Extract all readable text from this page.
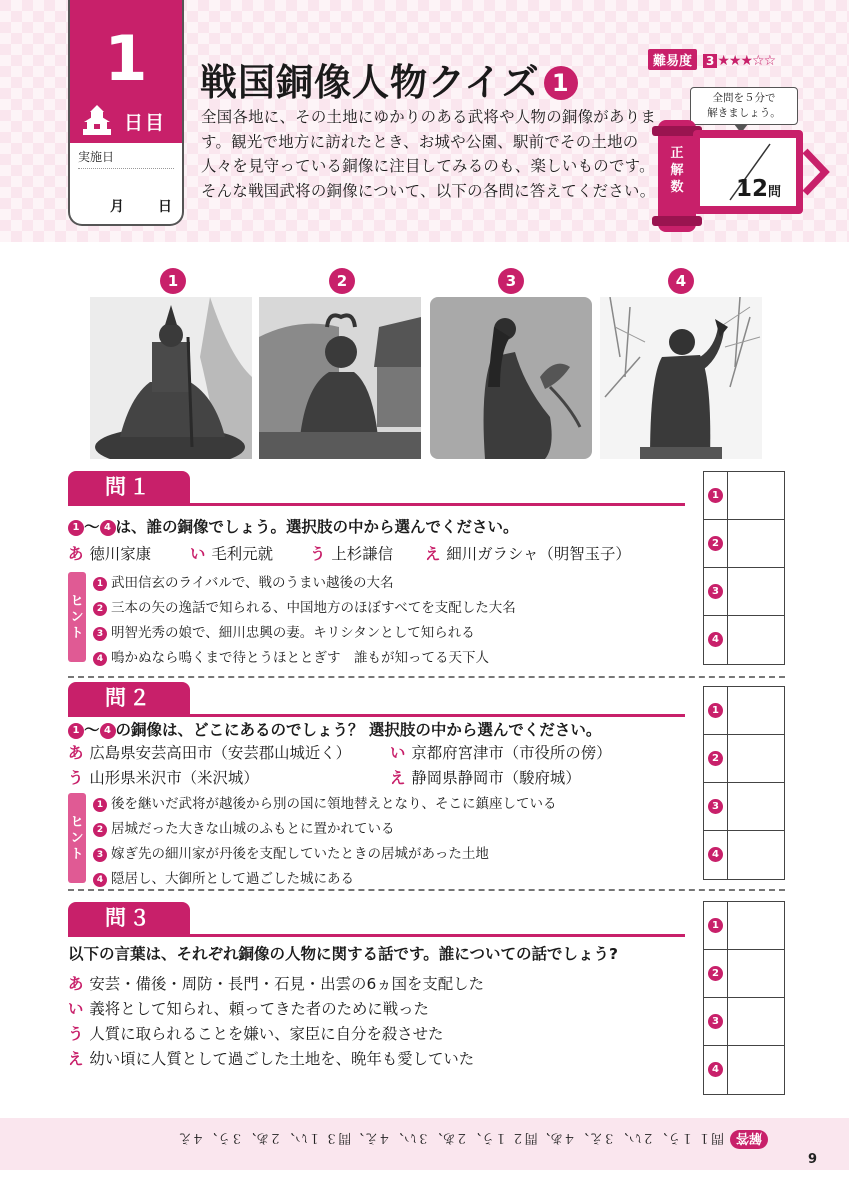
1
日目
実施日
月 日
戦国銅像人物クイズ 1
難易度 3 ★★★☆☆
全国各地に、その土地にゆかりのある武将や人物の銅像があります。観光で地方に訪れたとき、お城や公園、駅前でその土地の人々を見守っている銅像に注目してみるのも、楽しいものです。そんな戦国武将の銅像について、以下の各問に答えてください。
全問を５分で
解きましょう。
正解数 12問
1	2	3	4
問１
1 ～ 4 は、誰の銅像でしょう。選択肢の中から選んでください。
あ 徳川家康	い 毛利元就 う 上杉謙信 え 細川ガラシャ（明智玉子）
ヒ
ン
ト
1 武田信玄のライバルで、戦のうまい越後の大名
2 三本の矢の逸話で知られる、中国地方のほぼすべてを支配した大名
3 明智光秀の娘で、細川忠興の妻。キリシタンとして知られる
4 鳴かぬなら鳴くまで待とうほととぎす　誰もが知ってる天下人
1
2
3
4
問２
1 ～ 4 の銅像は、どこにあるのでしょう？ 選択肢の中から選んでください。
あ 広島県安芸高田市（安芸郡山城近く）	い 京都府宮津市（市役所の傍）
う 山形県米沢市（米沢城）	え 静岡県静岡市（駿府城）
ヒ
ン
ト
1 後を継いだ武将が越後から別の国に領地替えとなり、そこに鎮座している
2 居城だった大きな山城のふもとに置かれている
3 嫁ぎ先の細川家が丹後を支配していたときの居城があった土地
4 隠居し、大御所として過ごした城にある
1
2
3
4
問３
以下の言葉は、それぞれ銅像の人物に関する話です。誰についての話でしょう?
あ 安芸・備後・周防・長門・石見・出雲の6ヵ国を支配した
い 義将として知られ、頼ってきた者のために戦った
う 人質に取られることを嫌い、家臣に自分を殺させた
え 幼い頃に人質として過ごした土地を、晩年も愛していた
1
2
3
4
解答問１ １う、２い、３え、４あ、問２ １う、２あ、３い、４え、問３ １い、２あ、３う、４え
9
